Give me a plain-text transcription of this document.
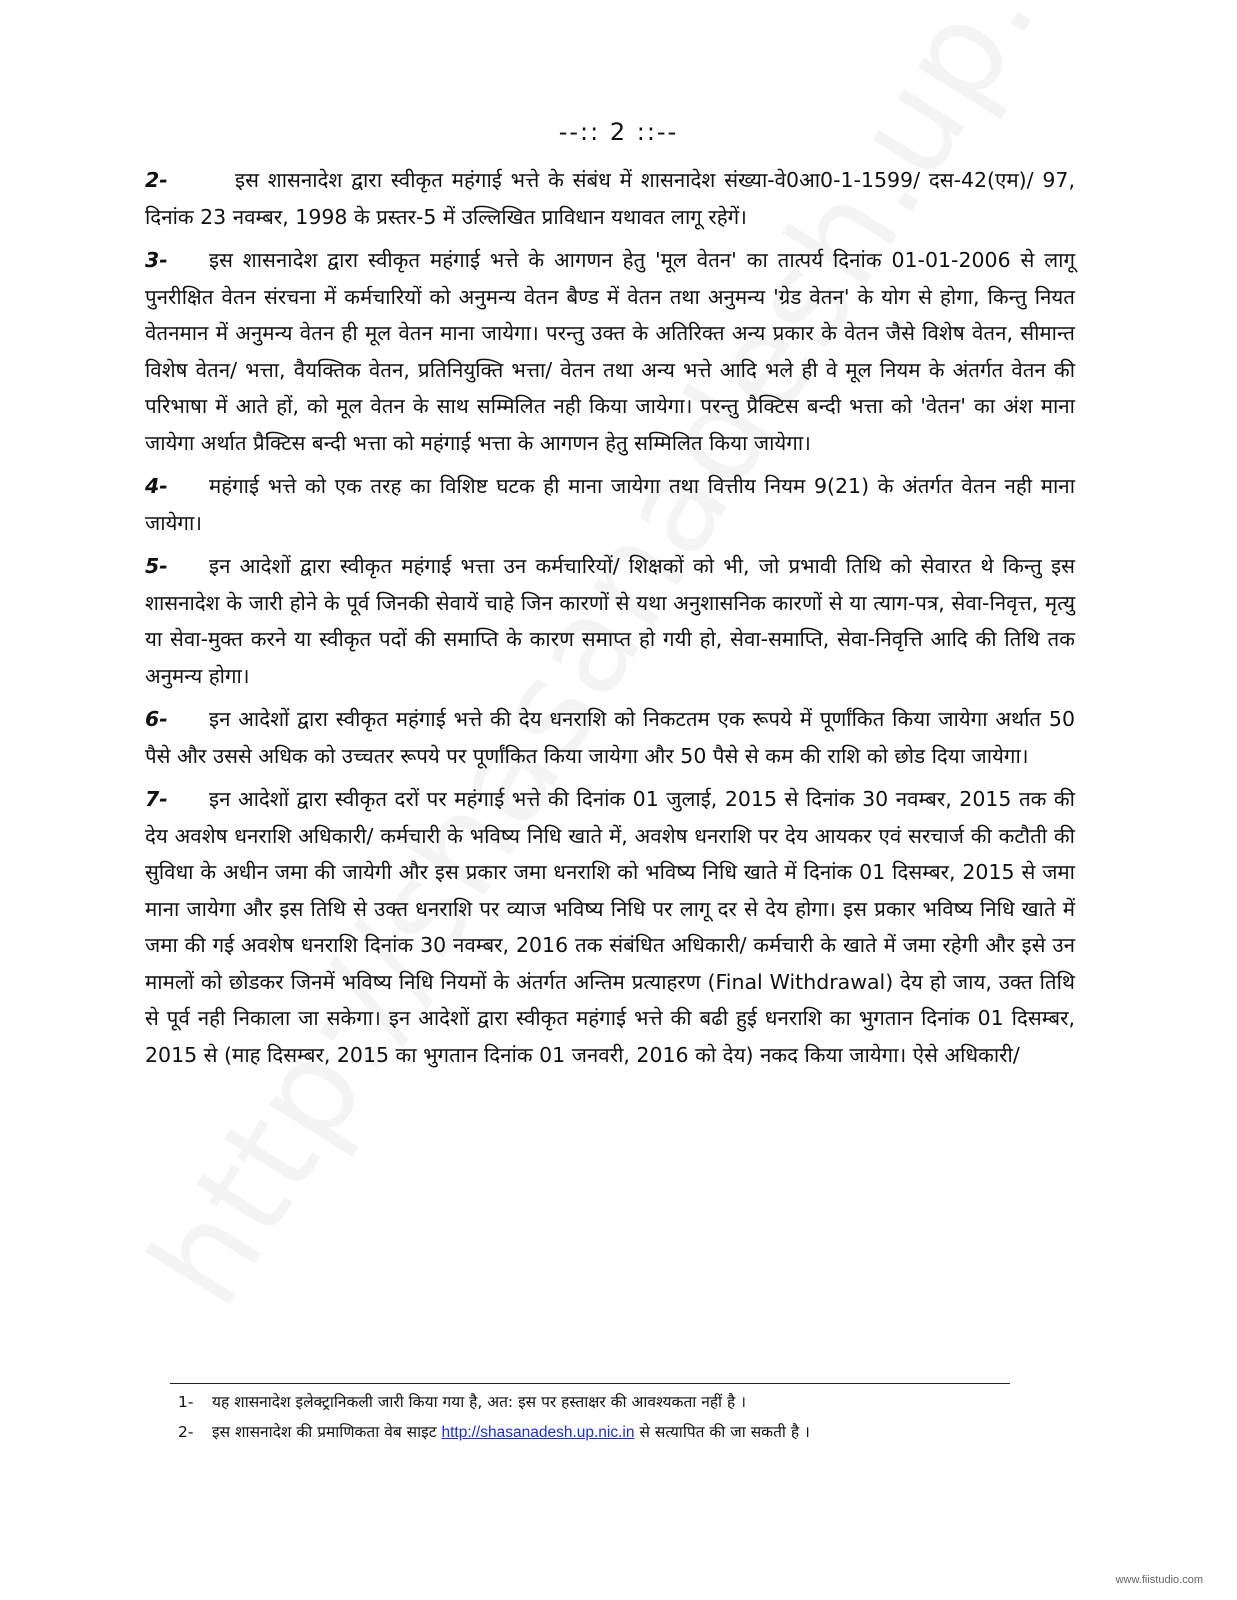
--:: 2 ::--

2-	इस शासनादेश द्वारा स्वीकृत महंगाई भत्ते के संबंध में शासनादेश संख्या-वे0आ0-1-1599/ दस-42(एम)/ 97, दिनांक 23 नवम्बर, 1998 के प्रस्तर-5 में उल्लिखित प्राविधान यथावत लागू रहेगें।

3- इस शासनादेश द्वारा स्वीकृत महंगाई भत्ते के आगणन हेतु 'मूल वेतन' का तात्पर्य दिनांक 01-01-2006 से लागू पुनरीक्षित वेतन संरचना में कर्मचारियों को अनुमन्य वेतन बैण्ड में वेतन तथा अनुमन्य 'ग्रेड वेतन' के योग से होगा, किन्तु नियत वेतनमान में अनुमन्य वेतन ही मूल वेतन माना जायेगा। परन्तु उक्त के अतिरिक्त अन्य प्रकार के वेतन जैसे विशेष वेतन, सीमान्त विशेष वेतन/ भत्ता, वैयक्तिक वेतन, प्रतिनियुक्ति भत्ता/ वेतन तथा अन्य भत्ते आदि भले ही वे मूल नियम के अंतर्गत वेतन की परिभाषा में आते हों, को मूल वेतन के साथ सम्मिलित नही किया जायेगा। परन्तु प्रैक्टिस बन्दी भत्ता को 'वेतन' का अंश माना जायेगा अर्थात प्रैक्टिस बन्दी भत्ता को महंगाई भत्ता के आगणन हेतु सम्मिलित किया जायेगा।

4- महंगाई भत्ते को एक तरह का विशिष्ट घटक ही माना जायेगा तथा वित्तीय नियम 9(21) के अंतर्गत वेतन नही माना जायेगा।

5- इन आदेशों द्वारा स्वीकृत महंगाई भत्ता उन कर्मचारियों/ शिक्षकों को भी, जो प्रभावी तिथि को सेवारत थे किन्तु इस शासनादेश के जारी होने के पूर्व जिनकी सेवायें चाहे जिन कारणों से यथा अनुशासनिक कारणों से या त्याग-पत्र, सेवा-निवृत्त, मृत्यु या सेवा-मुक्त करने या स्वीकृत पदों की समाप्ति के कारण समाप्त हो गयी हो, सेवा-समाप्ति, सेवा-निवृत्ति आदि की तिथि तक अनुमन्य होगा।

6- इन आदेशों द्वारा स्वीकृत महंगाई भत्ते की देय धनराशि को निकटतम एक रूपये में पूर्णांकित किया जायेगा अर्थात 50 पैसे और उससे अधिक को उच्चतर रूपये पर पूर्णांकित किया जायेगा और 50 पैसे से कम की राशि को छोड दिया जायेगा।

7- इन आदेशों द्वारा स्वीकृत दरों पर महंगाई भत्ते की दिनांक 01 जुलाई, 2015 से दिनांक 30 नवम्बर, 2015 तक की देय अवशेष धनराशि अधिकारी/ कर्मचारी के भविष्य निधि खाते में, अवशेष धनराशि पर देय आयकर एवं सरचार्ज की कटौती की सुविधा के अधीन जमा की जायेगी और इस प्रकार जमा धनराशि को भविष्य निधि खाते में दिनांक 01 दिसम्बर, 2015 से जमा माना जायेगा और इस तिथि से उक्त धनराशि पर व्याज भविष्य निधि पर लागू दर से देय होगा। इस प्रकार भविष्य निधि खाते में जमा की गई अवशेष धनराशि दिनांक 30 नवम्बर, 2016 तक संबंधित अधिकारी/ कर्मचारी के खाते में जमा रहेगी और इसे उन मामलों को छोडकर जिनमें भविष्य निधि नियमों के अंतर्गत अन्तिम प्रत्याहरण (Final Withdrawal) देय हो जाय, उक्त तिथि से पूर्व नही निकाला जा सकेगा। इन आदेशों द्वारा स्वीकृत महंगाई भत्ते की बढी हुई धनराशि का भुगतान दिनांक 01 दिसम्बर, 2015 से (माह दिसम्बर, 2015 का भुगतान दिनांक 01 जनवरी, 2016 को देय) नकद किया जायेगा। ऐसे अधिकारी/

1- यह शासनादेश इलेक्ट्रानिकली जारी किया गया है, अत: इस पर हस्ताक्षर की आवश्यकता नहीं है ।
2- इस शासनादेश की प्रमाणिकता वेब साइट http://shasanadesh.up.nic.in से सत्यापित की जा सकती है ।
www.fiistudio.com
